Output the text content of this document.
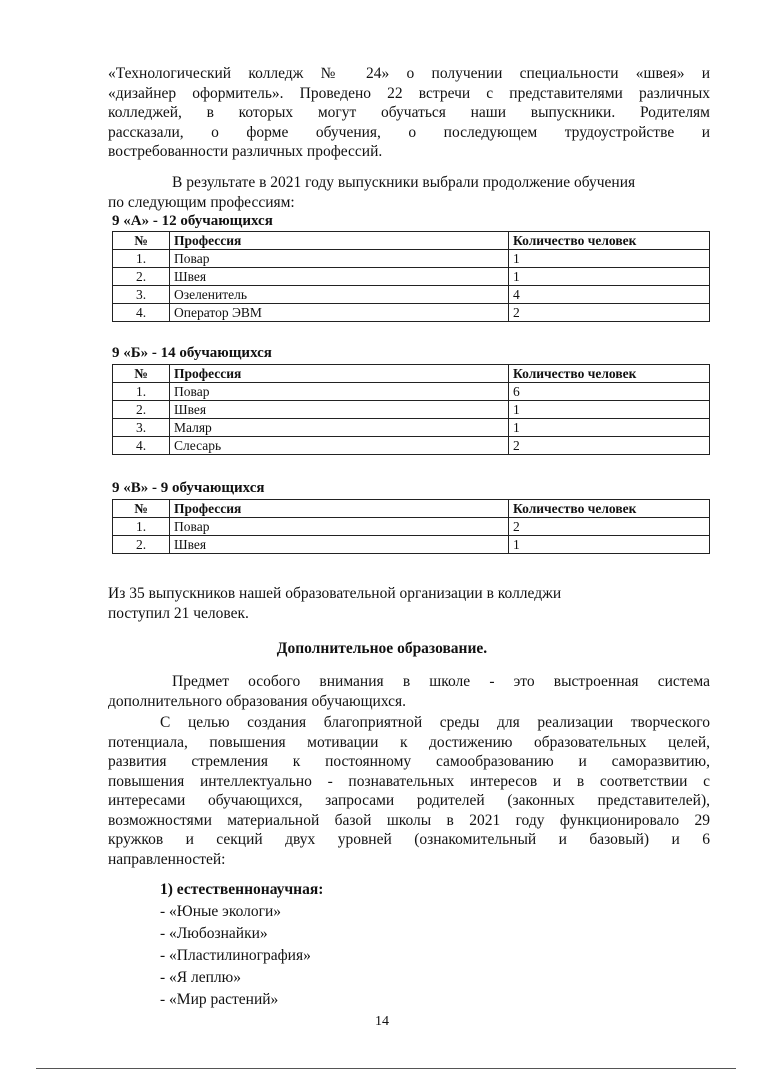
«Технологический колледж № 24» о получении специальности «швея» и
«дизайнер оформитель». Проведено 22 встречи с представителями различных
колледжей, в которых могут обучаться наши выпускники. Родителям
рассказали, о форме обучения, о последующем трудоустройстве и
востребованности различных профессий.
В результате в 2021 году выпускники выбрали продолжение обучения
по следующим профессиям:

9 «А» - 12 обучающихся

№	Профессия	Количество человек
1.	Повар	1
2.	Швея	1
3.	Озеленитель	4
4.	Оператор ЭВМ	2

9 «Б» - 14 обучающихся

№	Профессия	Количество человек
1.	Повар	6
2.	Швея	1
3.	Маляр	1
4.	Слесарь	2

9 «В» - 9 обучающихся

№	Профессия	Количество человек
1.	Повар	2
2.	Швея	1
Из 35 выпускников нашей образовательной организации в колледжи
поступил 21 человек.

Дополнительное образование.

Предмет особого внимания в школе - это выстроенная система
дополнительного образования обучающихся.
С целью создания благоприятной среды для реализации творческого
потенциала, повышения мотивации к достижению образовательных целей,
развития стремления к постоянному самообразованию и саморазвитию,
повышения интеллектуально - познавательных интересов и в соответствии с
интересами обучающихся, запросами родителей (законных представителей),
возможностями материальной базой школы в 2021 году функционировало 29
кружков и секций двух уровней (ознакомительный и базовый) и 6
направленностей:

1) естественнонаучная:

- «Юные экологи»
- «Любознайки»
- «Пластилинография»
- «Я леплю»
- «Мир растений»
14
